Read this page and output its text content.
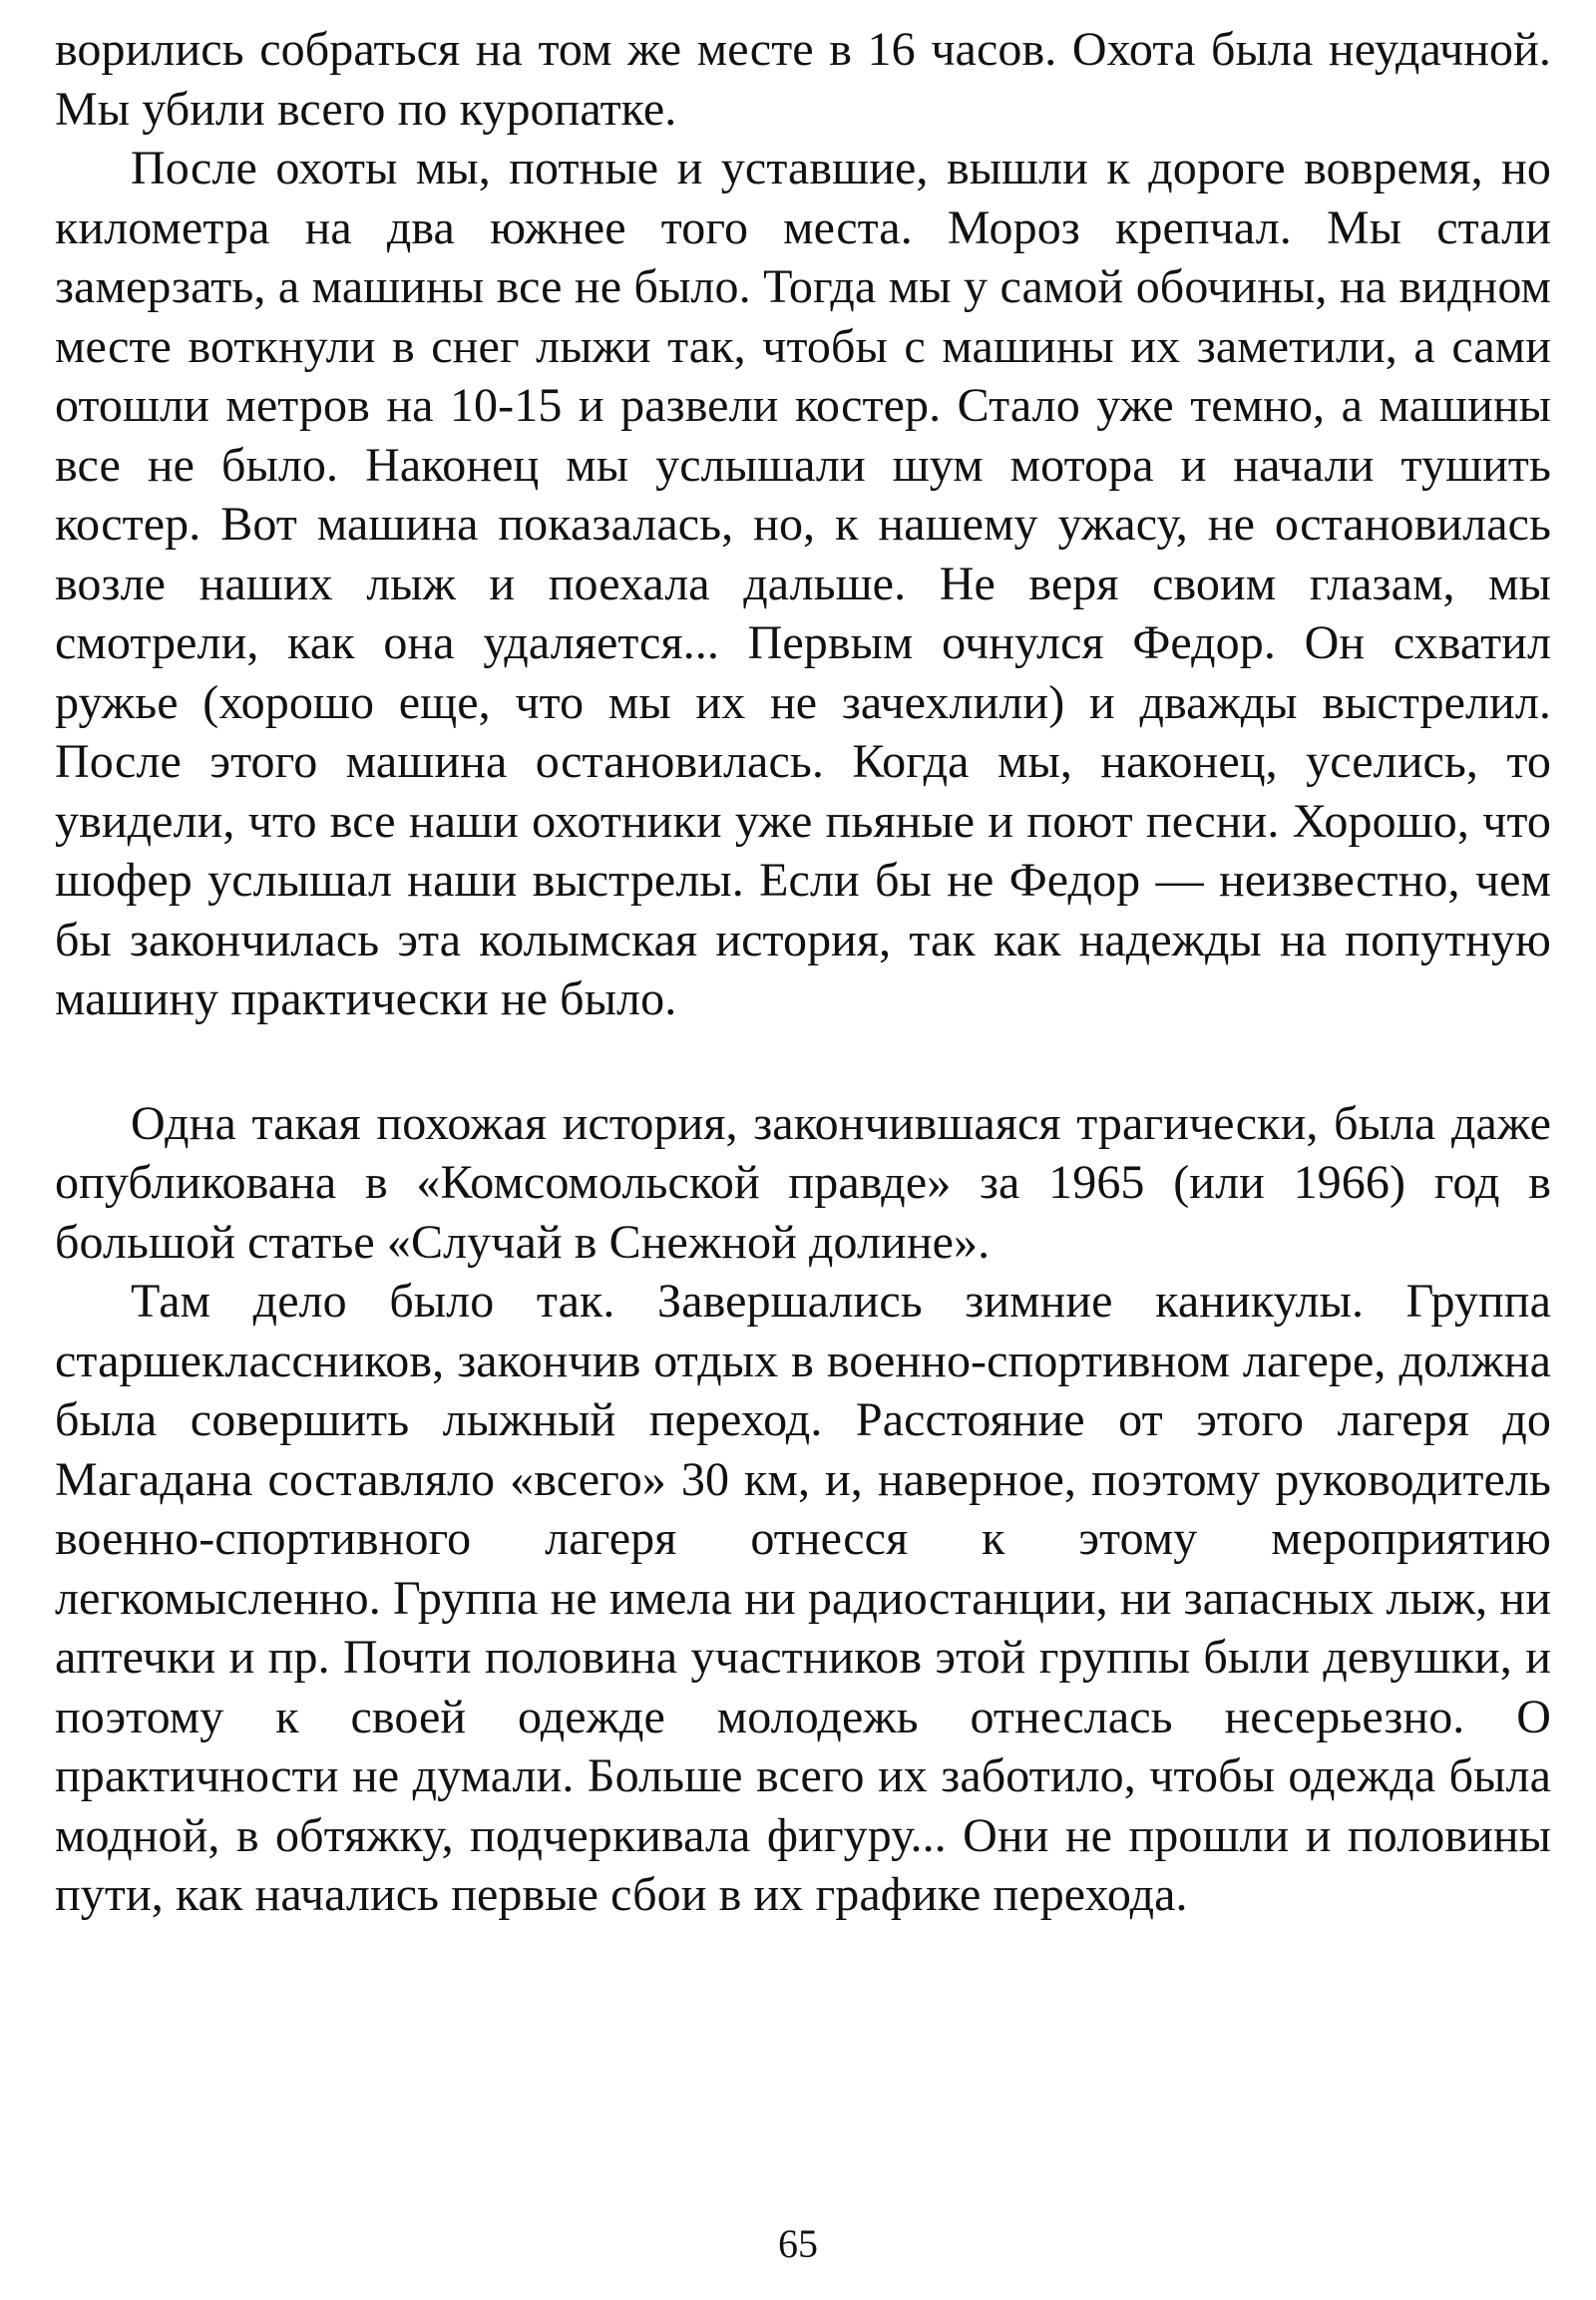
ворились собраться на том же месте в 16 часов. Охота была неудачной. Мы убили всего по куропатке.

После охоты мы, потные и уставшие, вышли к дороге вовремя, но километра на два южнее того места. Мороз крепчал. Мы стали замерзать, а машины все не было. Тогда мы у самой обочины, на видном месте воткнули в снег лыжи так, чтобы с машины их заметили, а сами отошли метров на 10-15 и развели костер. Стало уже темно, а машины все не было. Наконец мы услышали шум мотора и начали тушить костер. Вот машина показалась, но, к нашему ужасу, не остановилась возле наших лыж и поехала дальше. Не веря своим глазам, мы смотрели, как она удаляется... Первым очнулся Федор. Он схватил ружье (хорошо еще, что мы их не зачехлили) и дважды выстрелил. После этого машина остановилась. Когда мы, наконец, уселись, то увидели, что все наши охотники уже пьяные и поют песни. Хорошо, что шофер услышал наши выстрелы. Если бы не Федор — неизвестно, чем бы закончилась эта колымская история, так как надежды на попутную машину практически не было.

Одна такая похожая история, закончившаяся трагически, была даже опубликована в «Комсомольской правде» за 1965 (или 1966) год в большой статье «Случай в Снежной долине».

Там дело было так. Завершались зимние каникулы. Группа старшеклассников, закончив отдых в военно-спортивном лагере, должна была совершить лыжный переход. Расстояние от этого лагеря до Магадана составляло «всего» 30 км, и, наверное, поэтому руководитель военно-спортивного лагеря отнесся к этому мероприятию легкомысленно. Группа не имела ни радиостанции, ни запасных лыж, ни аптечки и пр. Почти половина участников этой группы были девушки, и поэтому к своей одежде молодежь отнеслась несерьезно. О практичности не думали. Больше всего их заботило, чтобы одежда была модной, в обтяжку, подчеркивала фигуру... Они не прошли и половины пути, как начались первые сбои в их графике перехода.

65
